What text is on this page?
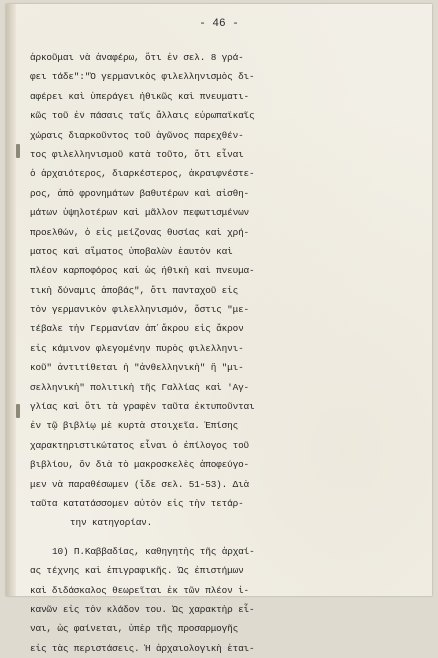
- 46 -
ἀρκοῦμαι νὰ ἀναφέρω, ὅτι ἐν σελ. 8 γρά-
φει τάδε":"Ὁ γερμανικὸς φιλελληνισμὸς δι-
αφέρει καὶ ὑπεράγει ἠθικῶς καὶ πνευματι-
κῶς τοῦ ἐν πάσαις ταῖς ἄλλαις εὐρωπαϊκαῖς
χώραις διαρκοῦντος τοῦ ἀγῶνος παρεχθέν-
τος φιλελληνισμοῦ κατὰ τοῦτο, ὅτι εἶναι
ὁ ἀρχαιότερος, διαρκέστερος, ἀκραιφνέστε-
ρος, ἀπὸ φρονημάτων βαθυτέρων καὶ αἰσθη-
μάτων ὑψηλοτέρων καὶ μᾶλλον πεφωτισμένων
προελθών, ὁ εἰς μείζονας θυσίας καὶ χρή-
ματος καὶ αἵματος ὑποβαλὼν ἑαυτὸν καὶ
πλέον καρποφόρος καὶ ὡς ἠθικὴ καὶ πνευμα-
τικὴ δύναμις ἀποβάς", ὅτι πανταχοῦ εἰς
τὸν γερμανικὸν φιλελληνισμόν, ὅστις "με-
τέβαλε τὴν Γερμανίαν ἀπ᾽ἄκρου εἰς ἄκρον
εἰς κάμινον φλεγομένην πυρὸς φιλελληνι-
κοῦ" ἀντιτίθεται ἡ "ἀνθελληνικὴ" ἢ "μι-
σελληνικὴ" πολιτικὴ τῆς Γαλλίας καὶ 'Αγ-
γλίας καὶ ὅτι τὰ γραφὲν ταῦτα ἐκτυποῦνται
ἐν τῷ βιβλίῳ μὲ κυρτὰ στοιχεῖα. Ἐπίσης
χαρακτηριστικώτατος εἶναι ὁ ἐπίλογος τοῦ
βιβλίου, ὃν διὰ τὸ μακροσκελὲς ἀποφεύγο-
μεν νὰ παραθέσωμεν (ἴδε σελ. 51-53). Διὰ
ταῦτα κατατάσσομεν αὐτὸν εἰς τὴν τετάρ-
την κατηγορίαν.
10) Π.Καββαδίας, καθηγητὴς τῆς ἀρχαί-
ας τέχνης καὶ ἐπιγραφικῆς. Ὡς ἐπιστήμων
καὶ διδάσκαλος θεωρεῖται ἐκ τῶν πλέον ἱ-
κανῶν εἰς τὸν κλάδον του. Ὡς χαρακτὴρ εἶ-
ναι, ὡς φαίνεται, ὑπὲρ τῆς προσαρμογῆς
εἰς τὰς περιστάσεις. Ἡ ἀρχαιολογικὴ ἑται-
